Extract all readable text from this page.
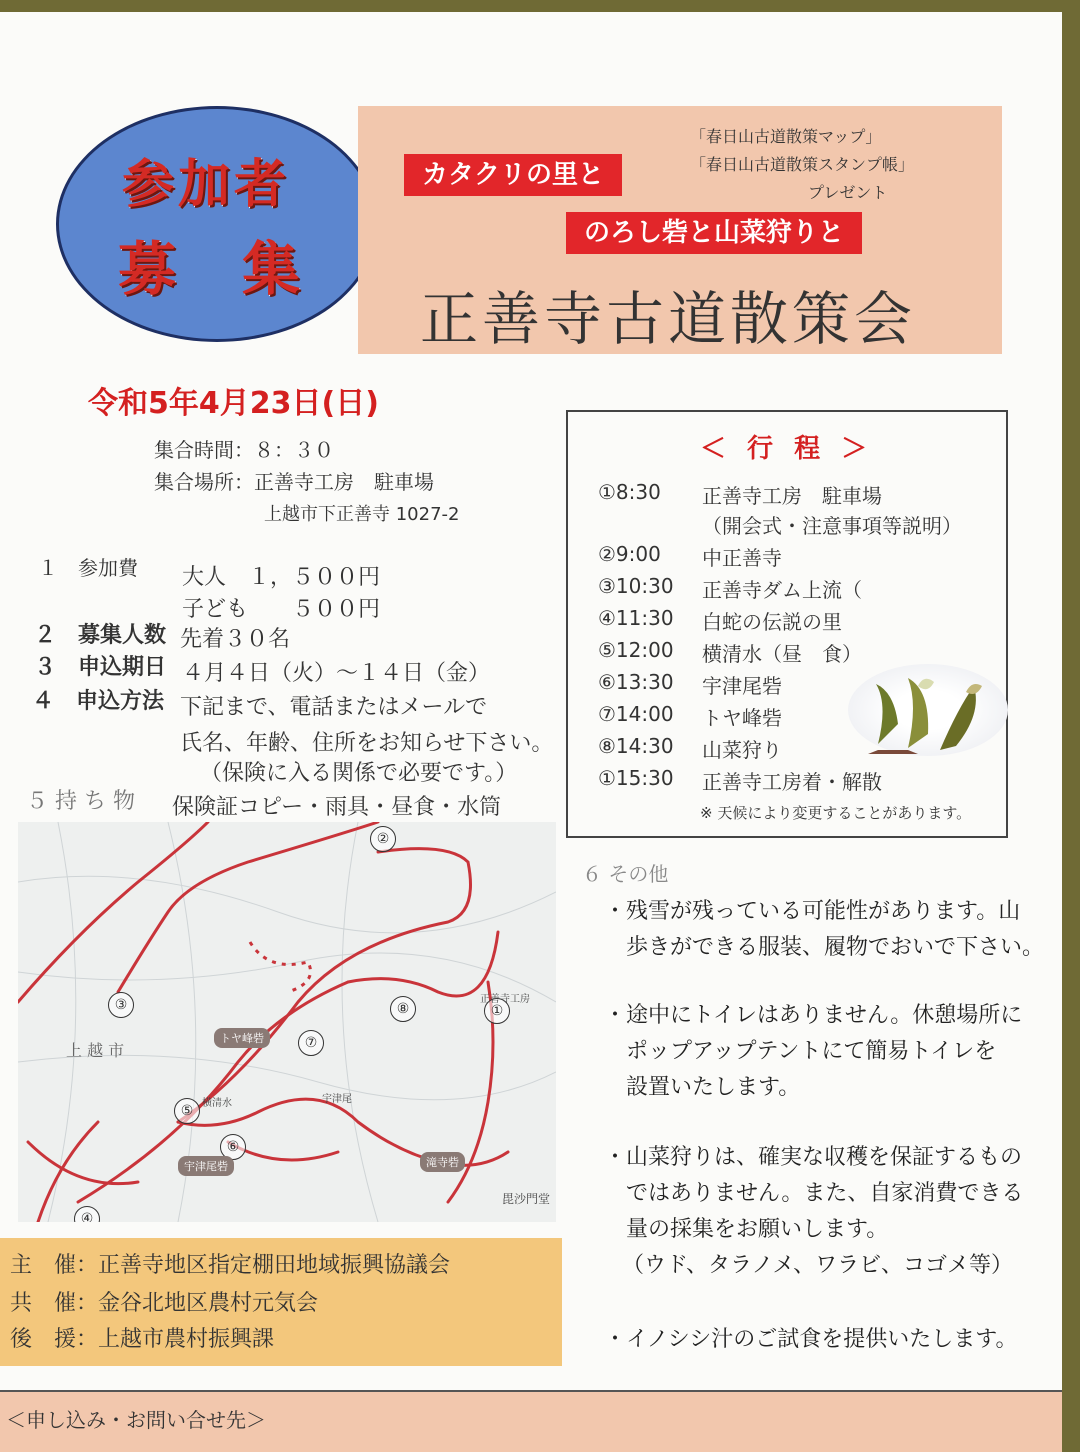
参加者
募　集
カタクリの里と
のろし砦と山菜狩りと
「春日山古道散策マップ」
「春日山古道散策スタンプ帳」
プレゼント
正善寺古道散策会
令和5年4月23日(日)
集合時間：８：３０
集合場所：正善寺工房　駐車場
上越市下正善寺 1027-2
１　参加費 大人　１，５００円
子ども　　５００円
２　募集人数 先着３０名
３　申込期日 ４月４日（火）～１４日（金）
４　申込方法 下記まで、電話またはメールで
氏名、年齢、住所をお知らせ下さい。
（保険に入る関係で必要です。）
５ 持 ち 物 保険証コピー・雨具・昼食・水筒
＜ 行 程 ＞
①8:30 正善寺工房　駐車場
（開会式・注意事項等説明）
②9:00 中正善寺
③10:30 正善寺ダム上流（
④11:30 白蛇の伝説の里
⑤12:00 横清水（昼　食）
⑥13:30 宇津尾砦
⑦14:00 トヤ峰砦
⑧14:30 山菜狩り
①15:30 正善寺工房着・解散
※ 天候により変更することがあります。
②
③	⑧	①
⑦
⑤
⑥
④
上 越 市
トヤ峰砦
宇津尾砦	滝寺砦
横清水	宇津尾
正善寺工房
毘沙門堂
６ その他
・残雪が残っている可能性があります。山
歩きができる服装、履物でおいで下さい。
・途中にトイレはありません。休憩場所に
ポップアップテントにて簡易トイレを
設置いたします。
・山菜狩りは、確実な収穫を保証するもの
ではありません。また、自家消費できる
量の採集をお願いします。
（ウド、タラノメ、ワラビ、コゴメ等）
・イノシシ汁のご試食を提供いたします。
主　催：正善寺地区指定棚田地域振興協議会
共　催：金谷北地区農村元気会
後　援：上越市農村振興課
＜申し込み・お問い合せ先＞
